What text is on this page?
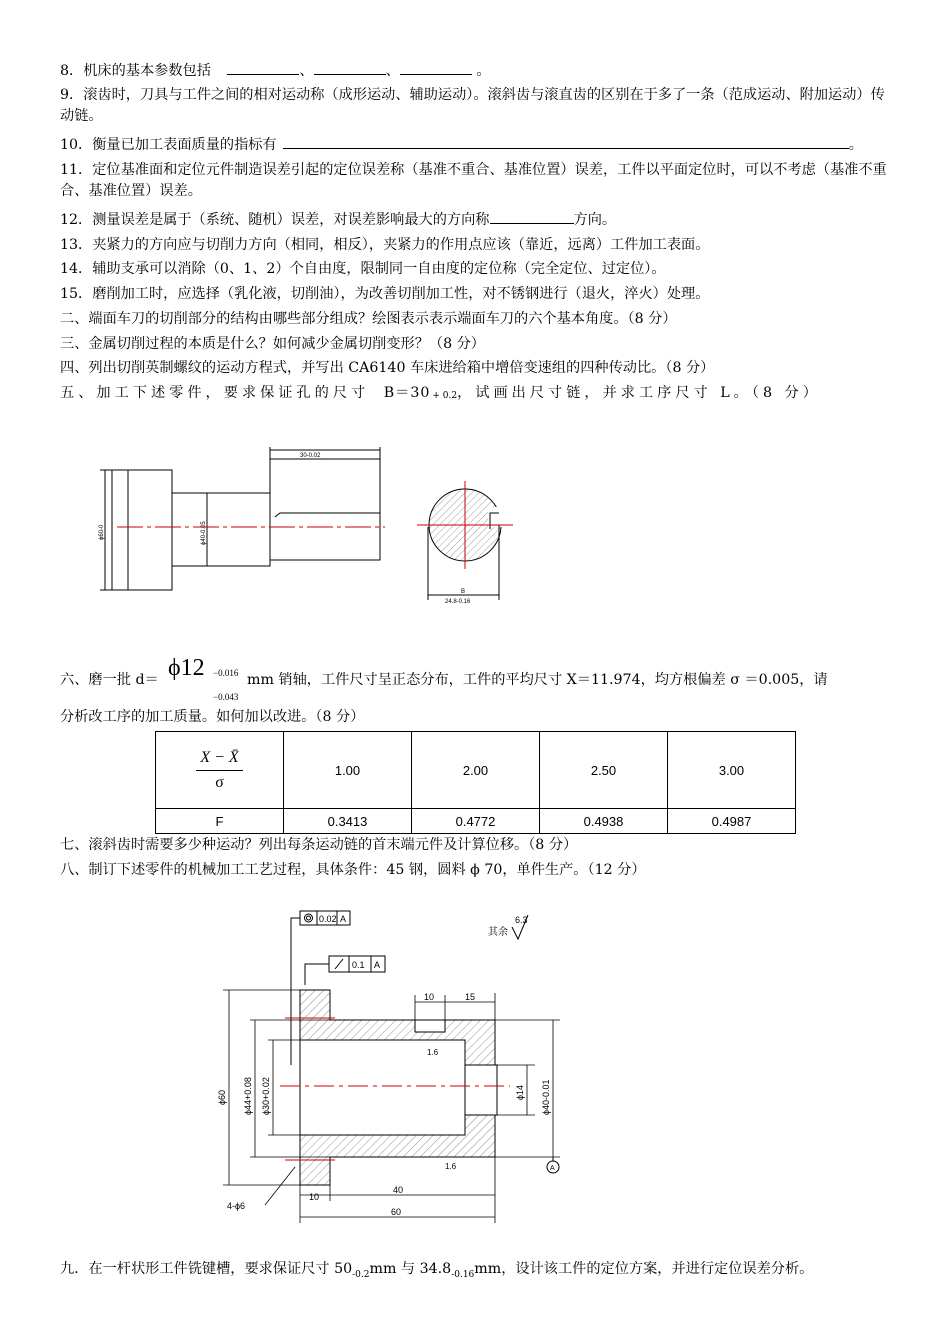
8．机床的基本参数包括	、	、	。
9．滚齿时，刀具与工件之间的相对运动称（成形运动、辅助运动）。滚斜齿与滚直齿的区别在于多了一条（范成运动、附加运动）传动链。
10．衡量已加工表面质量的指标有	。
11．定位基准面和定位元件制造误差引起的定位误差称（基准不重合、基准位置）误差，工件以平面定位时，可以不考虑（基准不重合、基准位置）误差。
12．测量误差是属于（系统、随机）误差，对误差影响最大的方向称	方向。
13．夹紧力的方向应与切削力方向（相同，相反），夹紧力的作用点应该（靠近，远离）工件加工表面。
14．辅助支承可以消除（0、1、2）个自由度，限制同一自由度的定位称（完全定位、过定位）。
15．磨削加工时，应选择（乳化液，切削油），为改善切削加工性，对不锈钢进行（退火，淬火）处理。
二、端面车刀的切削部分的结构由哪些部分组成？绘图表示表示端面车刀的六个基本角度。（8 分）
三、金属切削过程的本质是什么？如何减少金属切削变形？（8 分）
四、列出切削英制螺纹的运动方程式，并写出 CA6140 车床进给箱中增倍变速组的四种传动比。（8 分）
五、加工下述零件，要求保证孔的尺寸 B＝30 + 0.2，试画出尺寸链，并求工序尺寸 L。（8 分）
30-0.02
ϕ60-0	ϕ40-0.05
B
24.8-0.16
六、磨一批 d＝ ϕ12 −0.016
−0.043
mm 销轴，工件尺寸呈正态分布，工件的平均尺寸 X＝11.974，均方根偏差 σ ＝0.005，请
分析改工序的加工质量。如何加以改进。（8 分）
$\frac{X - X̄}{\sigma}$	1.00	2.00	2.50	3.00
F	0.3413	0.4772	0.4938	0.4987
七、滚斜齿时需要多少种运动？列出每条运动链的首末端元件及计算位移。（8 分）
八、制订下述零件的机械加工工艺过程，具体条件：45 钢，圆料 ϕ 70，单件生产。（12 分）
0.02 A
0.1 A
其余
6.3
ϕ60 ϕ44+0.08 ϕ30+0.02	ϕ14 ϕ40-0.01
10	15
10
40
60
1.6
1.6
4-ϕ6
A
九．在一杆状形工件铣键槽，要求保证尺寸 $50_{-0.2}mm$ 与 $34.8_{-0.16}mm$，设计该工件的定位方案，并进行定位误差分析。
